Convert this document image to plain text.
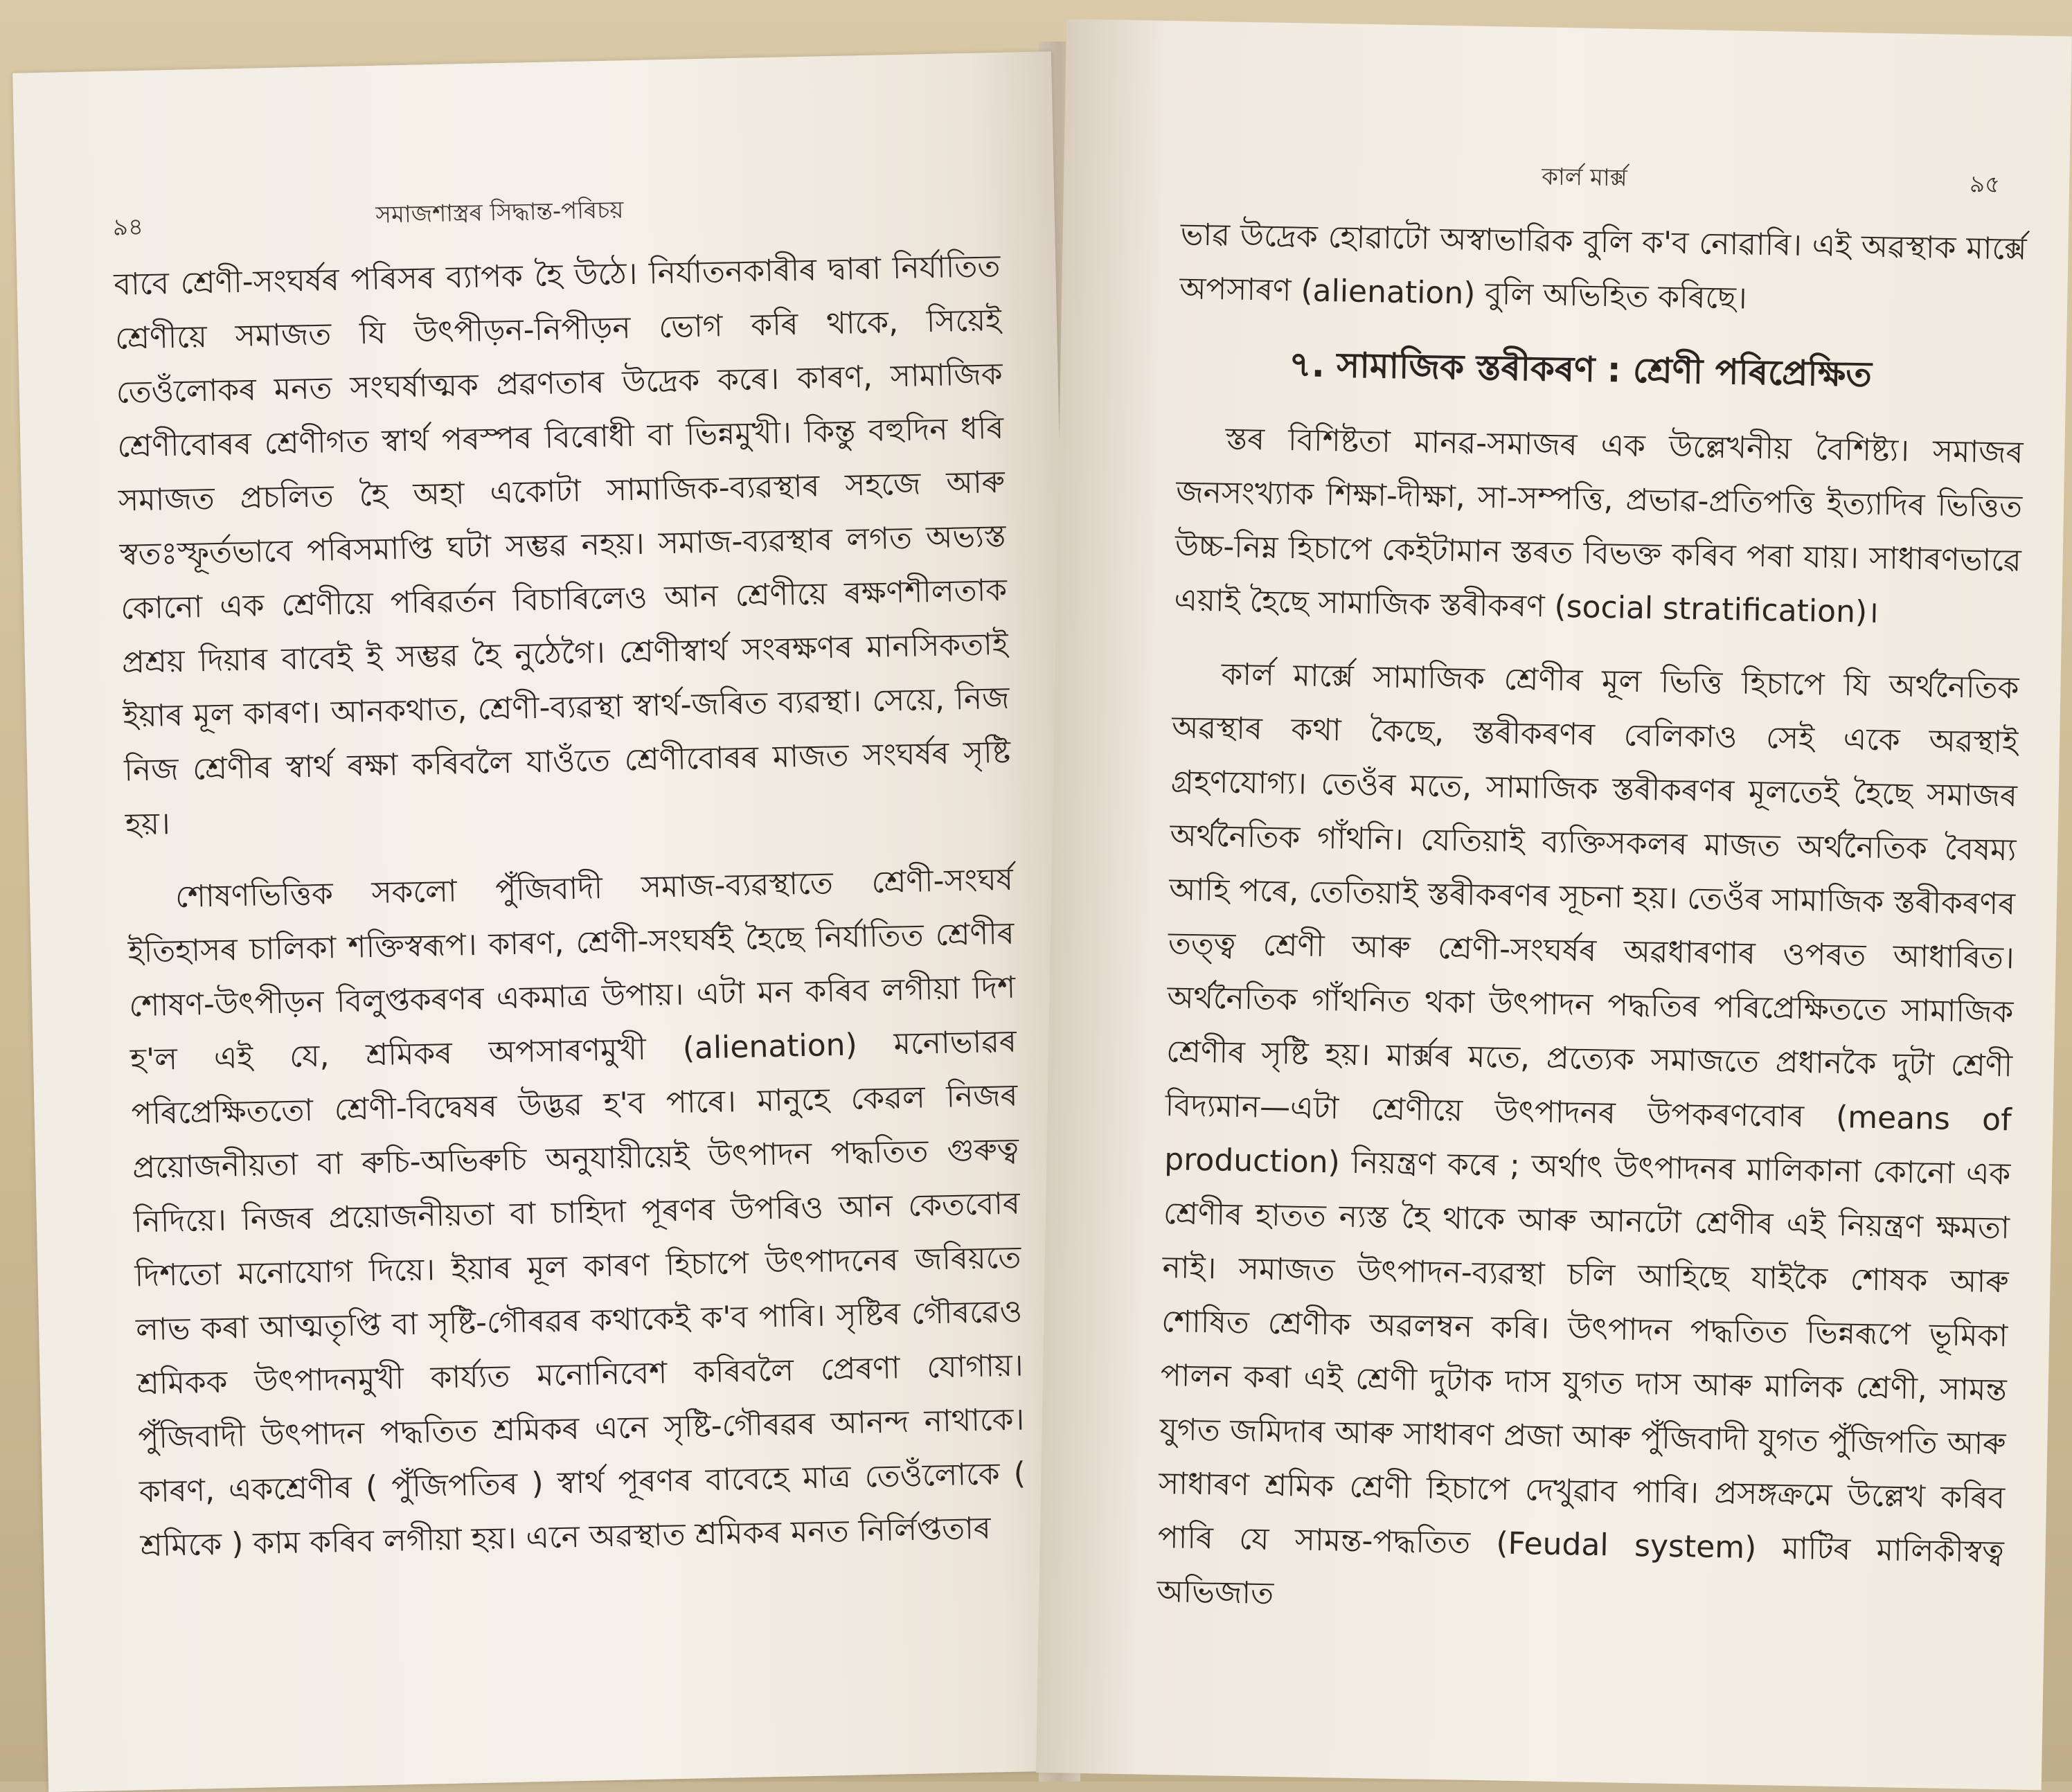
৯৪	সমাজশাস্ত্ৰৰ সিদ্ধান্ত-পৰিচয়

বাবে শ্ৰেণী-সংঘৰ্ষৰ পৰিসৰ ব্যাপক হৈ উঠে। নিৰ্যাতনকাৰীৰ দ্বাৰা নিৰ্যাতিত শ্ৰেণীয়ে সমাজত যি উৎপীড়ন-নিপীড়ন ভোগ কৰি থাকে, সিয়েই তেওঁলোকৰ মনত সংঘৰ্ষাত্মক প্ৰৱণতাৰ উদ্ৰেক কৰে। কাৰণ, সামাজিক শ্ৰেণীবোৰৰ শ্ৰেণীগত স্বাৰ্থ পৰস্পৰ বিৰোধী বা ভিন্নমুখী। কিন্তু বহুদিন ধৰি সমাজত প্ৰচলিত হৈ অহা একোটা সামাজিক-ব্যৱস্থাৰ সহজে আৰু স্বতঃস্ফূৰ্তভাবে পৰিসমাপ্তি ঘটা সম্ভৱ নহয়। সমাজ-ব্যৱস্থাৰ লগত অভ্যস্ত কোনো এক শ্ৰেণীয়ে পৰিৱৰ্তন বিচাৰিলেও আন শ্ৰেণীয়ে ৰক্ষণশীলতাক প্ৰশ্ৰয় দিয়াৰ বাবেই ই সম্ভৱ হৈ নুঠেগৈ। শ্ৰেণীস্বাৰ্থ সংৰক্ষণৰ মানসিকতাই ইয়াৰ মূল কাৰণ। আনকথাত, শ্ৰেণী-ব্যৱস্থা স্বাৰ্থ-জৰিত ব্যৱস্থা। সেয়ে, নিজ নিজ শ্ৰেণীৰ স্বাৰ্থ ৰক্ষা কৰিবলৈ যাওঁতে শ্ৰেণীবোৰৰ মাজত সংঘৰ্ষৰ সৃষ্টি হয়।

শোষণভিত্তিক সকলো পুঁজিবাদী সমাজ-ব্যৱস্থাতে শ্ৰেণী-সংঘৰ্ষ ইতিহাসৰ চালিকা শক্তিস্বৰূপ। কাৰণ, শ্ৰেণী-সংঘৰ্ষই হৈছে নিৰ্যাতিত শ্ৰেণীৰ শোষণ-উৎপীড়ন বিলুপ্তকৰণৰ একমাত্ৰ উপায়। এটা মন কৰিব লগীয়া দিশ হ'ল এই যে, শ্ৰমিকৰ অপসাৰণমুখী (alienation) মনোভাৱৰ পৰিপ্ৰেক্ষিততো শ্ৰেণী-বিদ্বেষৰ উদ্ভৱ হ'ব পাৰে। মানুহে কেৱল নিজৰ প্ৰয়োজনীয়তা বা ৰুচি-অভিৰুচি অনুযায়ীয়েই উৎপাদন পদ্ধতিত গুৰুত্ব নিদিয়ে। নিজৰ প্ৰয়োজনীয়তা বা চাহিদা পূৰণৰ উপৰিও আন কেতবোৰ দিশতো মনোযোগ দিয়ে। ইয়াৰ মূল কাৰণ হিচাপে উৎপাদনেৰ জৰিয়তে লাভ কৰা আত্মতৃপ্তি বা সৃষ্টি-গৌৰৱৰ কথাকেই ক'ব পাৰি। সৃষ্টিৰ গৌৰৱেও শ্ৰমিকক উৎপাদনমুখী কাৰ্য্যত মনোনিবেশ কৰিবলৈ প্ৰেৰণা যোগায়। পুঁজিবাদী উৎপাদন পদ্ধতিত শ্ৰমিকৰ এনে সৃষ্টি-গৌৰৱৰ আনন্দ নাথাকে। কাৰণ, একশ্ৰেণীৰ ( পুঁজিপতিৰ ) স্বাৰ্থ পূৰণৰ বাবেহে মাত্ৰ তেওঁলোকে ( শ্ৰমিকে ) কাম কৰিব লগীয়া হয়। এনে অৱস্থাত শ্ৰমিকৰ মনত নিৰ্লিপ্ততাৰ

কাৰ্ল মাৰ্ক্স	৯৫

ভাৱ উদ্ৰেক হোৱাটো অস্বাভাৱিক বুলি ক'ব নোৱাৰি। এই অৱস্থাক মাৰ্ক্সে অপসাৰণ (alienation) বুলি অভিহিত কৰিছে।

৭. সামাজিক স্তৰীকৰণ : শ্ৰেণী পৰিপ্ৰেক্ষিত

স্তৰ বিশিষ্টতা মানৱ-সমাজৰ এক উল্লেখনীয় বৈশিষ্ট্য। সমাজৰ জনসংখ্যাক শিক্ষা-দীক্ষা, সা-সম্পত্তি, প্ৰভাৱ-প্ৰতিপত্তি ইত্যাদিৰ ভিত্তিত উচ্চ-নিম্ন হিচাপে কেইটামান স্তৰত বিভক্ত কৰিব পৰা যায়। সাধাৰণভাৱে এয়াই হৈছে সামাজিক স্তৰীকৰণ (social stratification)।

কাৰ্ল মাৰ্ক্সে সামাজিক শ্ৰেণীৰ মূল ভিত্তি হিচাপে যি অৰ্থনৈতিক অৱস্থাৰ কথা কৈছে, স্তৰীকৰণৰ বেলিকাও সেই একে অৱস্থাই গ্ৰহণযোগ্য। তেওঁৰ মতে, সামাজিক স্তৰীকৰণৰ মূলতেই হৈছে সমাজৰ অৰ্থনৈতিক গাঁথনি। যেতিয়াই ব্যক্তিসকলৰ মাজত অৰ্থনৈতিক বৈষম্য আহি পৰে, তেতিয়াই স্তৰীকৰণৰ সূচনা হয়। তেওঁৰ সামাজিক স্তৰীকৰণৰ তত্ত্ব শ্ৰেণী আৰু শ্ৰেণী-সংঘৰ্ষৰ অৱধাৰণাৰ ওপৰত আধাৰিত। অৰ্থনৈতিক গাঁথনিত থকা উৎপাদন পদ্ধতিৰ পৰিপ্ৰেক্ষিততে সামাজিক শ্ৰেণীৰ সৃষ্টি হয়। মাৰ্ক্সৰ মতে, প্ৰত্যেক সমাজতে প্ৰধানকৈ দুটা শ্ৰেণী বিদ্যমান—এটা শ্ৰেণীয়ে উৎপাদনৰ উপকৰণবোৰ (means of production) নিয়ন্ত্ৰণ কৰে ; অৰ্থাৎ উৎপাদনৰ মালিকানা কোনো এক শ্ৰেণীৰ হাতত ন্যস্ত হৈ থাকে আৰু আনটো শ্ৰেণীৰ এই নিয়ন্ত্ৰণ ক্ষমতা নাই। সমাজত উৎপাদন-ব্যৱস্থা চলি আহিছে যাইকৈ শোষক আৰু শোষিত শ্ৰেণীক অৱলম্বন কৰি। উৎপাদন পদ্ধতিত ভিন্নৰূপে ভূমিকা পালন কৰা এই শ্ৰেণী দুটাক দাস যুগত দাস আৰু মালিক শ্ৰেণী, সামন্ত যুগত জমিদাৰ আৰু সাধাৰণ প্ৰজা আৰু পুঁজিবাদী যুগত পুঁজিপতি আৰু সাধাৰণ শ্ৰমিক শ্ৰেণী হিচাপে দেখুৱাব পাৰি। প্ৰসঙ্গক্ৰমে উল্লেখ কৰিব পাৰি যে সামন্ত-পদ্ধতিত (Feudal system) মাটিৰ মালিকীস্বত্ব অভিজাত
